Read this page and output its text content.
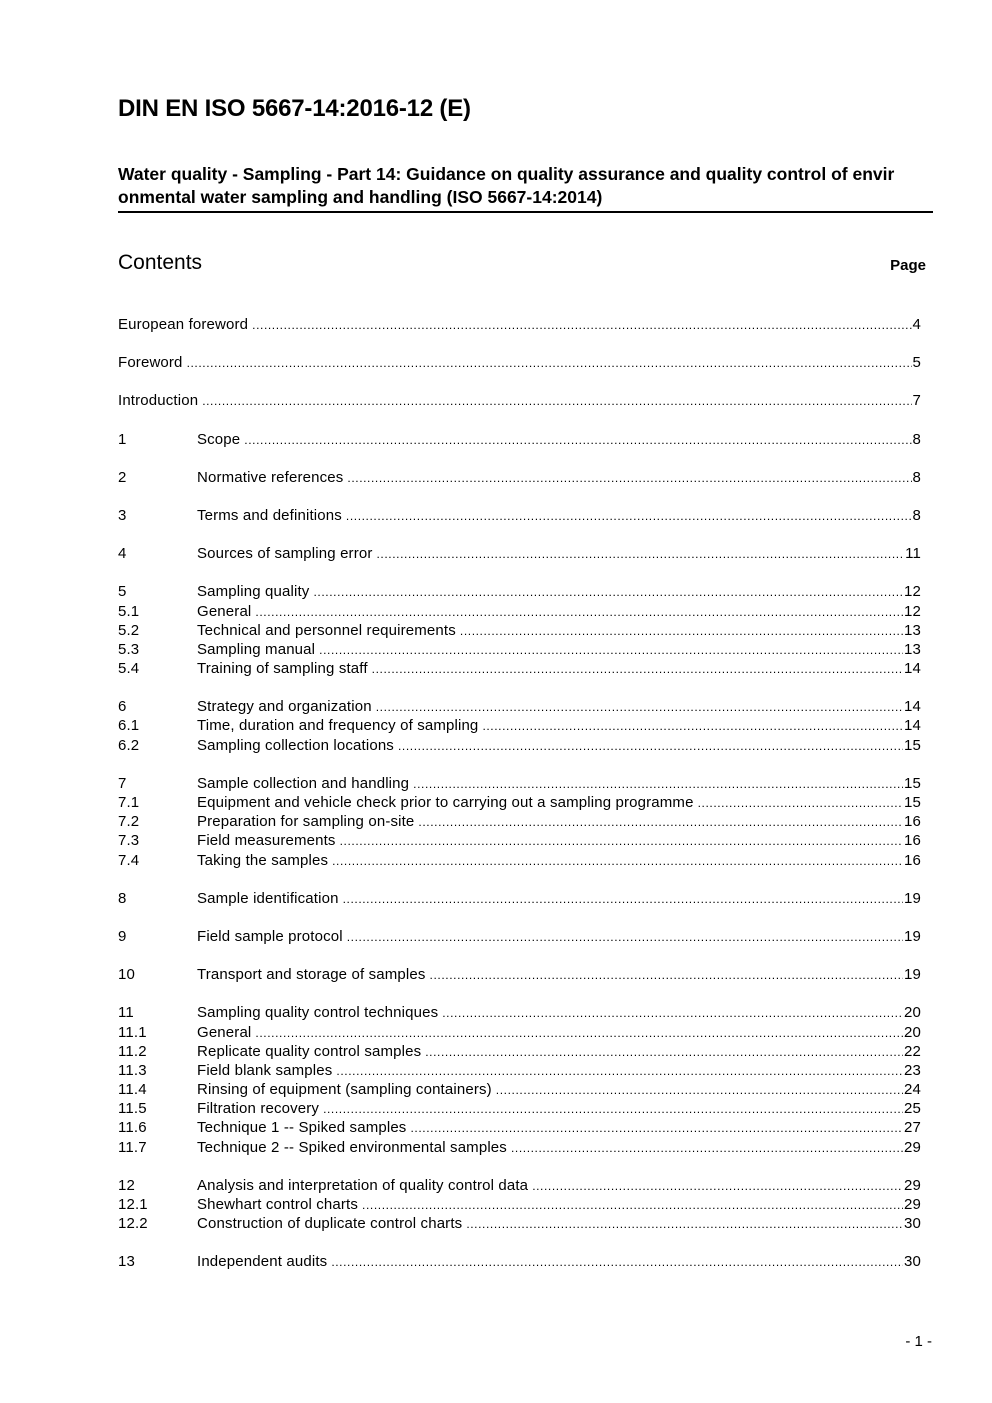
DIN EN ISO 5667-14:2016-12 (E)
Water quality - Sampling - Part 14: Guidance on quality assurance and quality control of envir onmental water sampling and handling (ISO 5667-14:2014)
Contents	Page
European foreword .....	4
Foreword .....	5
Introduction .....	7
1	Scope .....	8
2	Normative references .....	8
3	Terms and definitions .....	8
4	Sources of sampling error .....	11
5	Sampling quality .....	12
5.1	General .....	12
5.2	Technical and personnel requirements .....	13
5.3	Sampling manual .....	13
5.4	Training of sampling staff .....	14
6	Strategy and organization .....	14
6.1	Time, duration and frequency of sampling .....	14
6.2	Sampling collection locations .....	15
7	Sample collection and handling .....	15
7.1	Equipment and vehicle check prior to carrying out a sampling programme .....	15
7.2	Preparation for sampling on-site .....	16
7.3	Field measurements .....	16
7.4	Taking the samples .....	16
8	Sample identification .....	19
9	Field sample protocol .....	19
10	Transport and storage of samples .....	19
11	Sampling quality control techniques .....	20
11.1	General .....	20
11.2	Replicate quality control samples .....	22
11.3	Field blank samples .....	23
11.4	Rinsing of equipment (sampling containers) .....	24
11.5	Filtration recovery .....	25
11.6	Technique 1 -- Spiked samples .....	27
11.7	Technique 2 -- Spiked environmental samples .....	29
12	Analysis and interpretation of quality control data .....	29
12.1	Shewhart control charts .....	29
12.2	Construction of duplicate control charts .....	30
13	Independent audits .....	30
- 1 -
